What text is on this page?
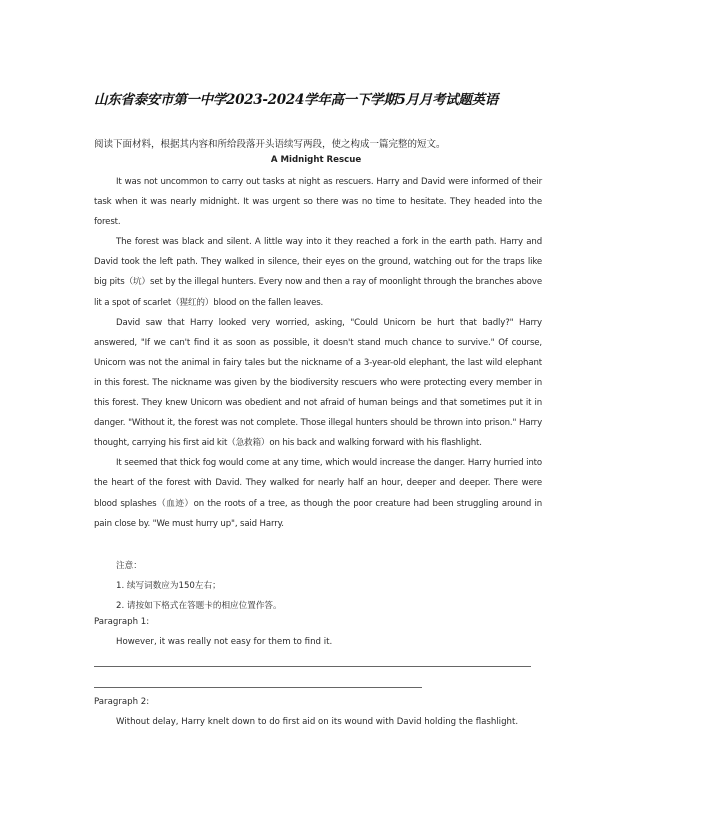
山东省泰安市第一中学2023-2024学年高一下学期5月月考试题英语
阅读下面材料，根据其内容和所给段落开头语续写两段，使之构成一篇完整的短文。
A Midnight Rescue

It was not uncommon to carry out tasks at night as rescuers. Harry and David were informed of their task when it was nearly midnight. It was urgent so there was no time to hesitate. They headed into the forest.

The forest was black and silent. A little way into it they reached a fork in the earth path. Harry and David took the left path. They walked in silence, their eyes on the ground, watching out for the traps like big pits（坑）set by the illegal hunters. Every now and then a ray of moonlight through the branches above lit a spot of scarlet（猩红的）blood on the fallen leaves.

David saw that Harry looked very worried, asking, "Could Unicorn be hurt that badly?" Harry answered, "If we can't find it as soon as possible, it doesn't stand much chance to survive." Of course, Unicorn was not the animal in fairy tales but the nickname of a 3-year-old elephant, the last wild elephant in this forest. The nickname was given by the biodiversity rescuers who were protecting every member in this forest. They knew Unicorn was obedient and not afraid of human beings and that sometimes put it in danger. "Without it, the forest was not complete. Those illegal hunters should be thrown into prison." Harry thought, carrying his first aid kit（急救箱）on his back and walking forward with his flashlight.

It seemed that thick fog would come at any time, which would increase the danger. Harry hurried into the heart of the forest with David. They walked for nearly half an hour, deeper and deeper. There were blood splashes（血迹）on the roots of a tree, as though the poor creature had been struggling around in pain close by. "We must hurry up", said Harry.

注意：
1. 续写词数应为150左右；
2. 请按如下格式在答题卡的相应位置作答。
Paragraph 1:
However, it was really not easy for them to find it.
Paragraph 2:
Without delay, Harry knelt down to do first aid on its wound with David holding the flashlight.
